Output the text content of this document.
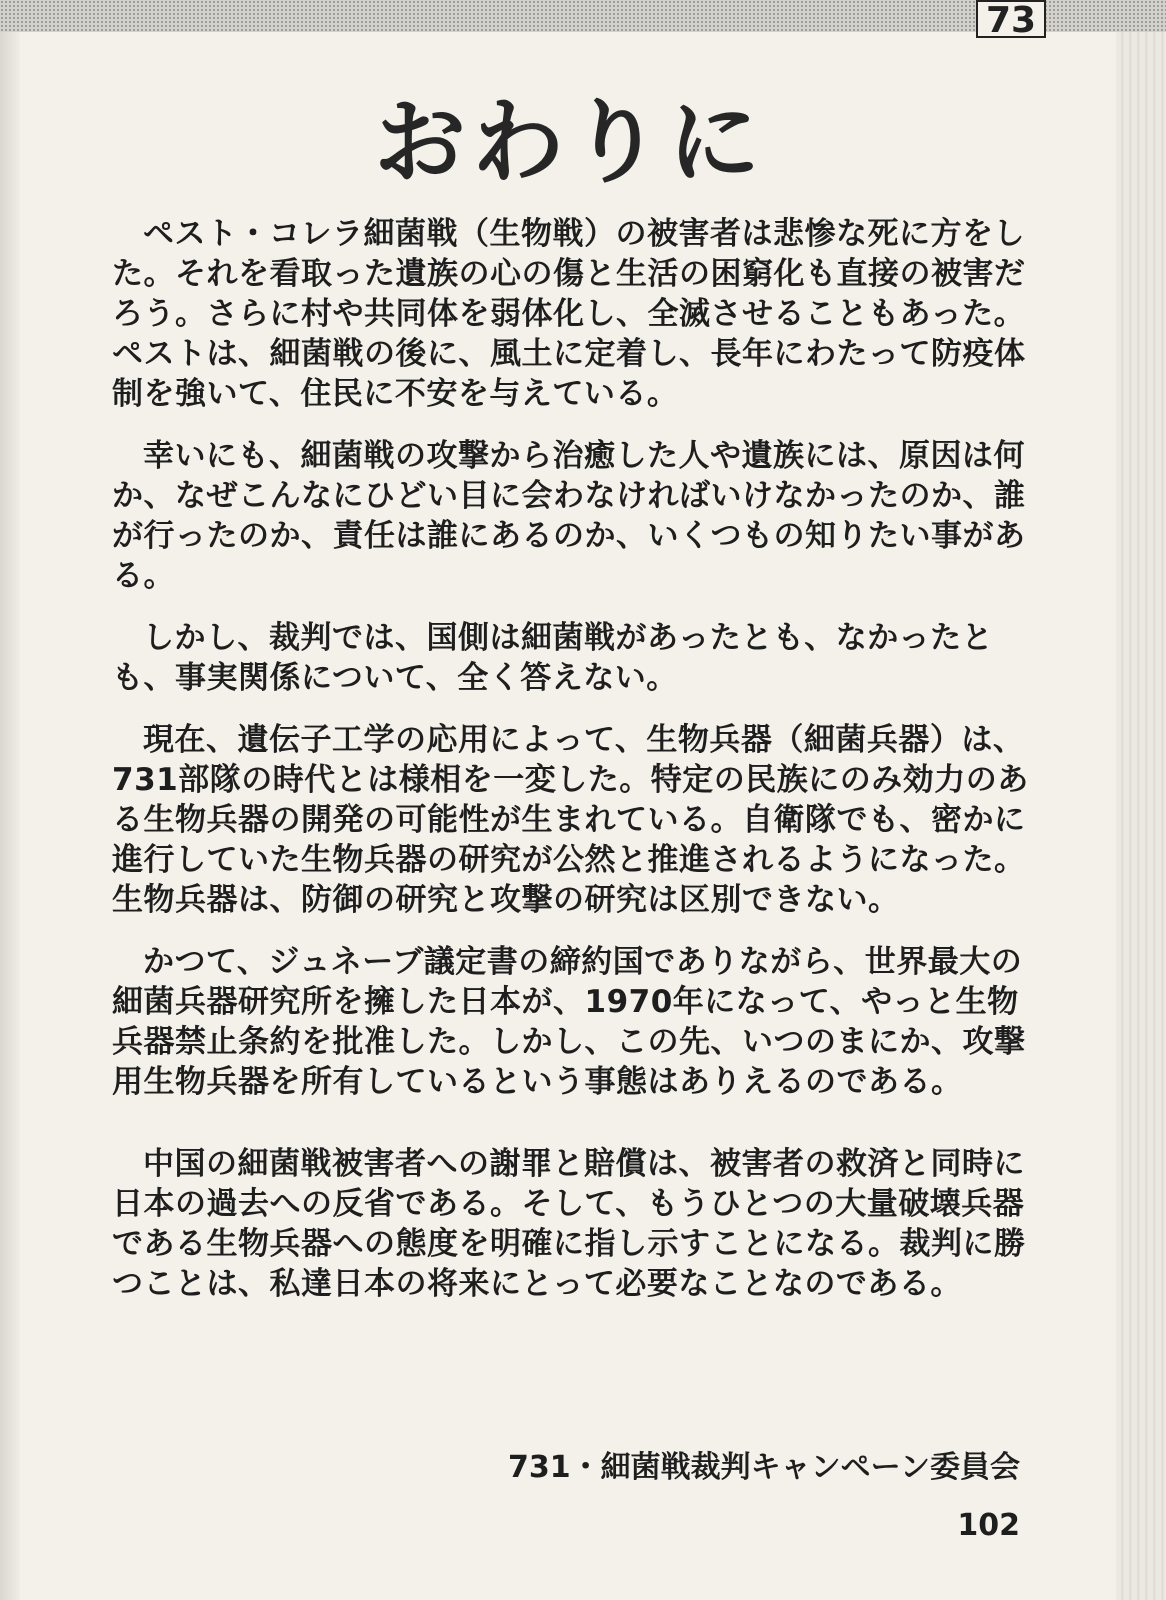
73
おわりに

ペスト・コレラ細菌戦（生物戦）の被害者は悲惨な死に方をした。それを看取った遺族の心の傷と生活の困窮化も直接の被害だろう。さらに村や共同体を弱体化し、全滅させることもあった。ペストは、細菌戦の後に、風土に定着し、長年にわたって防疫体制を強いて、住民に不安を与えている。

幸いにも、細菌戦の攻撃から治癒した人や遺族には、原因は何か、なぜこんなにひどい目に会わなければいけなかったのか、誰が行ったのか、責任は誰にあるのか、いくつもの知りたい事がある。

しかし、裁判では、国側は細菌戦があったとも、なかったとも、事実関係について、全く答えない。

現在、遺伝子工学の応用によって、生物兵器（細菌兵器）は、731部隊の時代とは様相を一変した。特定の民族にのみ効力のある生物兵器の開発の可能性が生まれている。自衛隊でも、密かに進行していた生物兵器の研究が公然と推進されるようになった。生物兵器は、防御の研究と攻撃の研究は区別できない。

かつて、ジュネーブ議定書の締約国でありながら、世界最大の細菌兵器研究所を擁した日本が、1970年になって、やっと生物兵器禁止条約を批准した。しかし、この先、いつのまにか、攻撃用生物兵器を所有しているという事態はありえるのである。

中国の細菌戦被害者への謝罪と賠償は、被害者の救済と同時に日本の過去への反省である。そして、もうひとつの大量破壊兵器である生物兵器への態度を明確に指し示すことになる。裁判に勝つことは、私達日本の将来にとって必要なことなのである。

731・細菌戦裁判キャンペーン委員会

102
